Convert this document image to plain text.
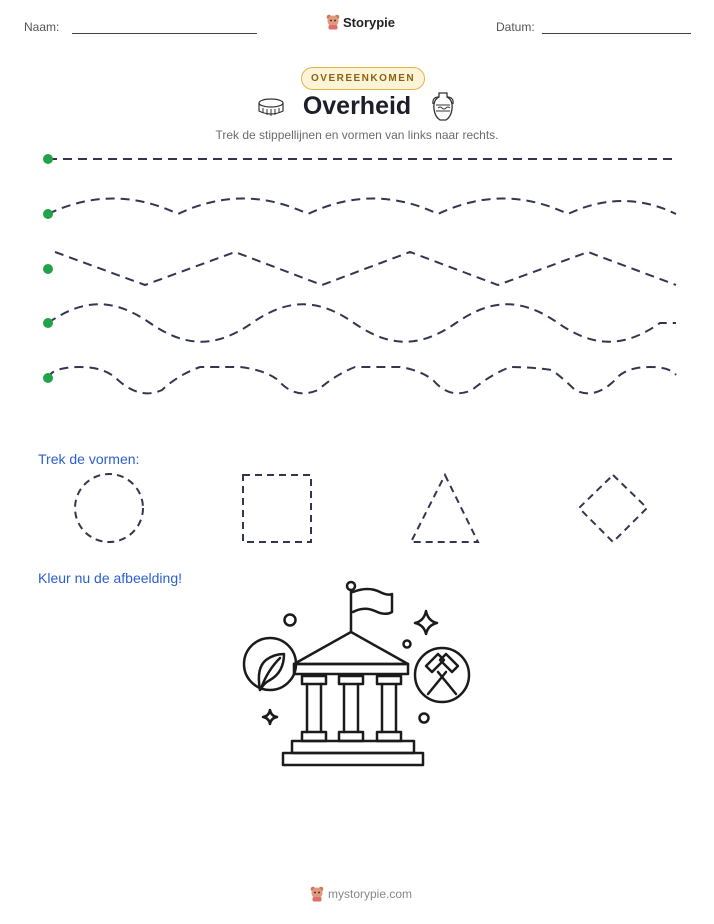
Naam:	Storypie	Datum:
OVEREENKOMEN
Overheid
Trek de stippellijnen en vormen van links naar rechts.
Trek de vormen:
Kleur nu de afbeelding!
mystorypie.com
